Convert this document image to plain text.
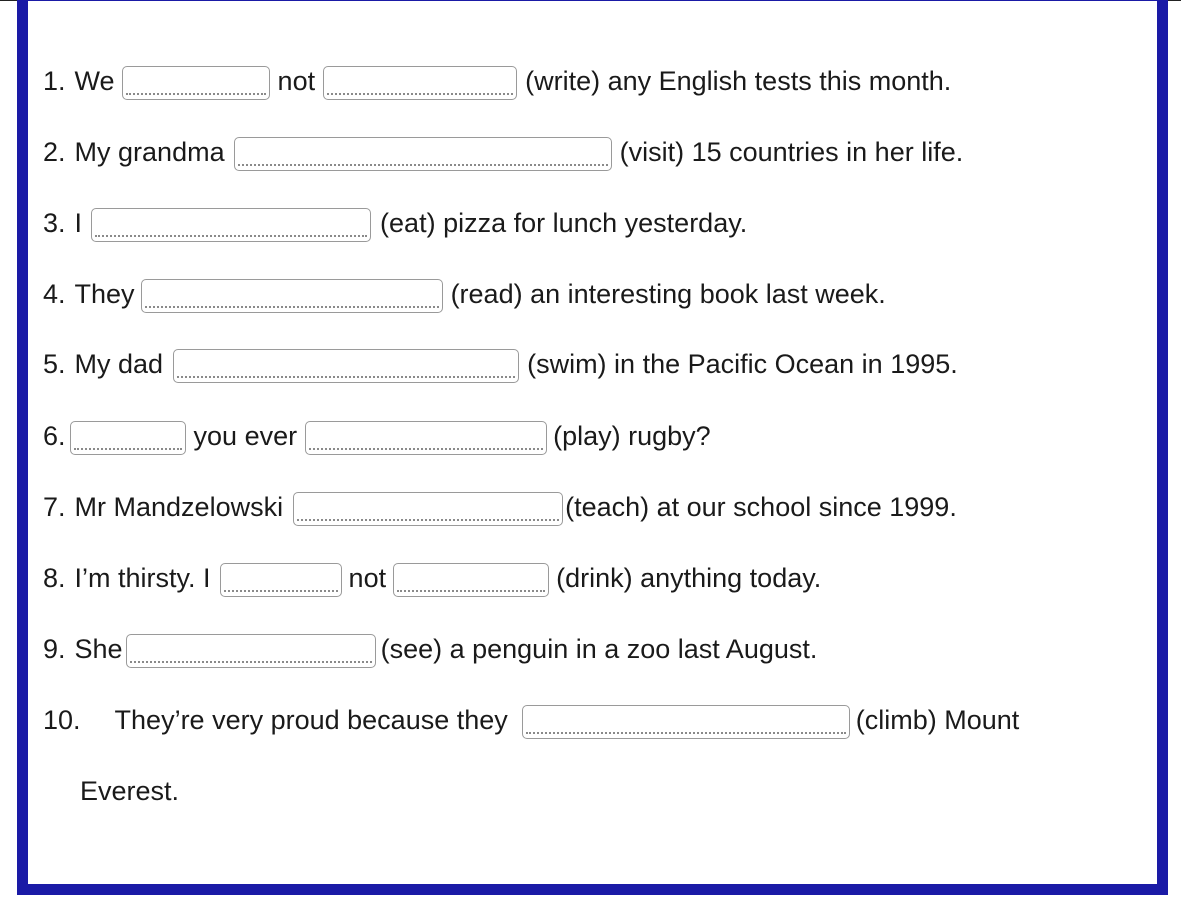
1. We	not	(write) any English tests this month.
2. My grandma	(visit) 15 countries in her life.
3. I	(eat) pizza for lunch yesterday.
4. They	(read) an interesting book last week.
5. My dad	(swim) in the Pacific Ocean in 1995.
6.	you ever	(play) rugby?
7. Mr Mandzelowski	(teach) at our school since 1999.
8. I’m thirsty. I	not	(drink) anything today.
9. She	(see) a penguin in a zoo last August.
10. They’re very proud because they	(climb) Mount
Everest.
